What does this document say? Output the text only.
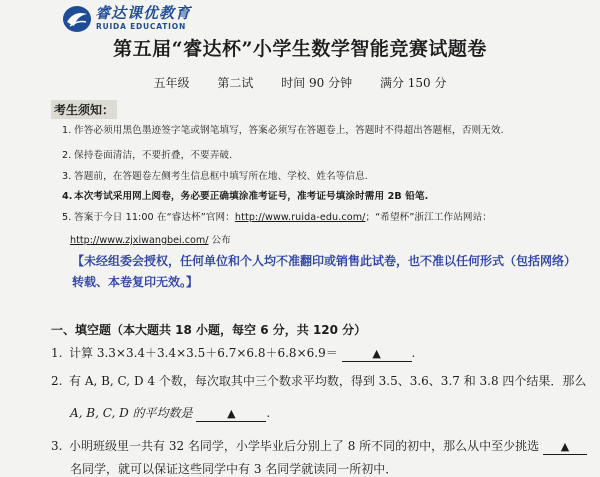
睿达课优教育
RUIDA EDUCATION
第五届“睿达杯”小学生数学智能竞赛试题卷
五年级 第二试 时间 90 分钟 满分 150 分
考生须知：
1. 作答必须用黑色墨迹签字笔或钢笔填写，答案必须写在答题卷上，答题时不得超出答题框，否则无效.
2. 保持卷面清洁，不要折叠，不要弄破.
3. 答题前，在答题卷左侧考生信息框中填写所在地、学校、姓名等信息.
4.本次考试采用网上阅卷，务必要正确填涂准考证号，准考证号填涂时需用 2B 铅笔.
5. 答案于今日 11:00 在“睿达杯”官网：http://www.ruida-edu.com/；“希望杯”浙江工作站网站：
http://www.zjxiwangbei.com/ 公布
【未经组委会授权，任何单位和个人均不准翻印或销售此试卷，也不准以任何形式（包括网络）
转载、本卷复印无效。】
一、填空题（本大题共 18 小题，每空 6 分，共 120 分）
1. 计算 3.3×3.4＋3.4×3.5＋6.7×6.8＋6.8×6.9＝	▲	.
2. 有 A, B, C, D 4 个数，每次取其中三个数求平均数，得到 3.5、3.6、3.7 和 3.8 四个结果．那么
A, B, C, D 的平均数是	▲	.
3. 小明班级里一共有 32 名同学，小学毕业后分别上了 8 所不同的初中，那么从中至少挑选 ▲
名同学，就可以保证这些同学中有 3 名同学就读同一所初中．
